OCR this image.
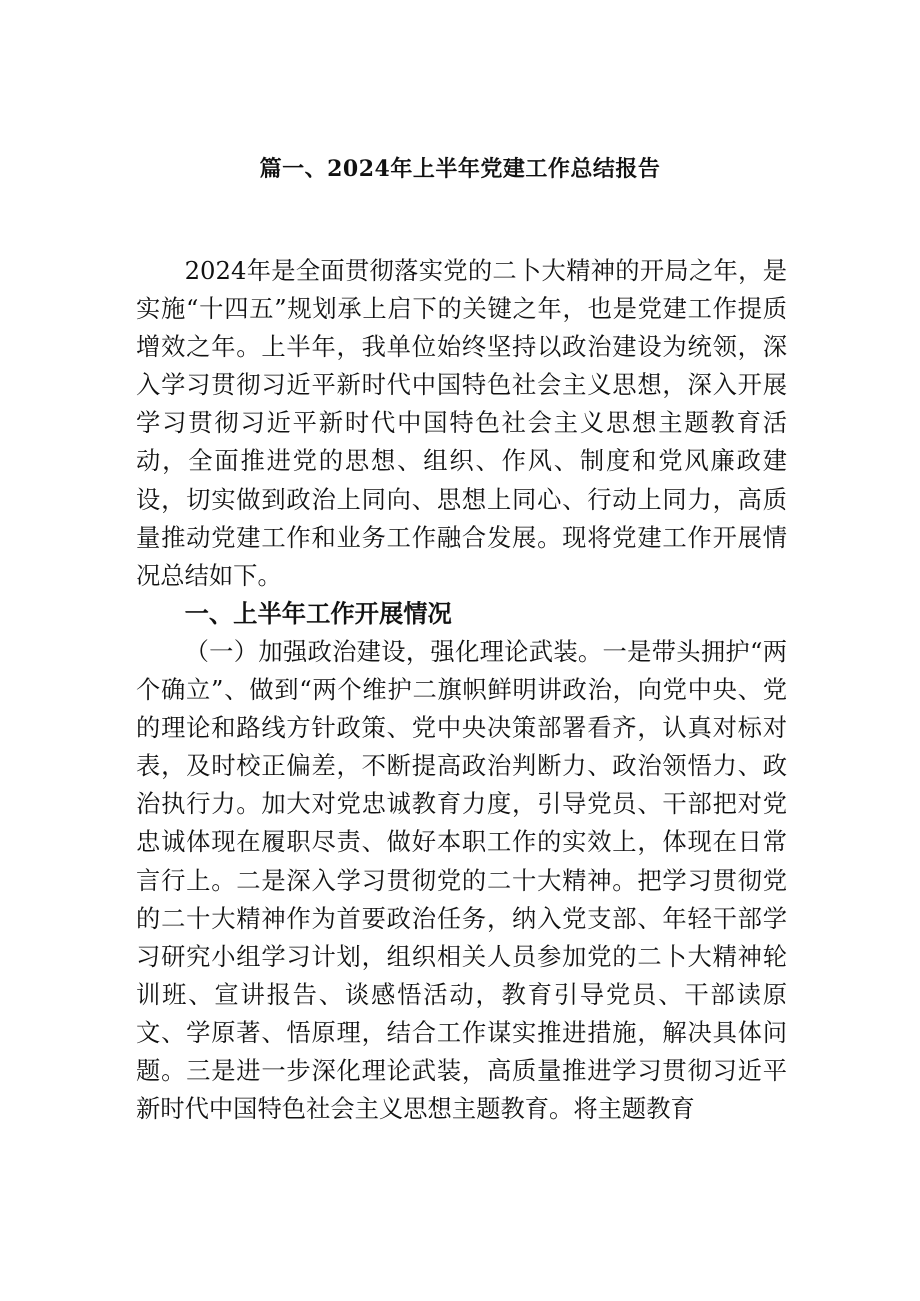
篇一、2024年上半年党建工作总结报告

2024年是全面贯彻落实党的二卜大精神的开局之年，是实施“十四五”规划承上启下的关键之年，也是党建工作提质增效之年。上半年，我单位始终坚持以政治建设为统领，深入学习贯彻习近平新时代中国特色社会主义思想，深入开展学习贯彻习近平新时代中国特色社会主义思想主题教育活动，全面推进党的思想、组织、作风、制度和党风廉政建设，切实做到政治上同向、思想上同心、行动上同力，高质量推动党建工作和业务工作融合发展。现将党建工作开展情况总结如下。

一、上半年工作开展情况

（一）加强政治建设，强化理论武装。一是带头拥护“两个确立”、做到“两个维护二旗帜鲜明讲政治，向党中央、党的理论和路线方针政策、党中央决策部署看齐，认真对标对表，及时校正偏差，不断提高政治判断力、政治领悟力、政治执行力。加大对党忠诚教育力度，引导党员、干部把对党忠诚体现在履职尽责、做好本职工作的实效上，体现在日常言行上。二是深入学习贯彻党的二十大精神。把学习贯彻党的二十大精神作为首要政治任务，纳入党支部、年轻干部学习研究小组学习计划，组织相关人员参加党的二卜大精神轮训班、宣讲报告、谈感悟活动，教育引导党员、干部读原文、学原著、悟原理，结合工作谋实推进措施，解决具体问题。三是进一步深化理论武装，高质量推进学习贯彻习近平新时代中国特色社会主义思想主题教育。将主题教育
